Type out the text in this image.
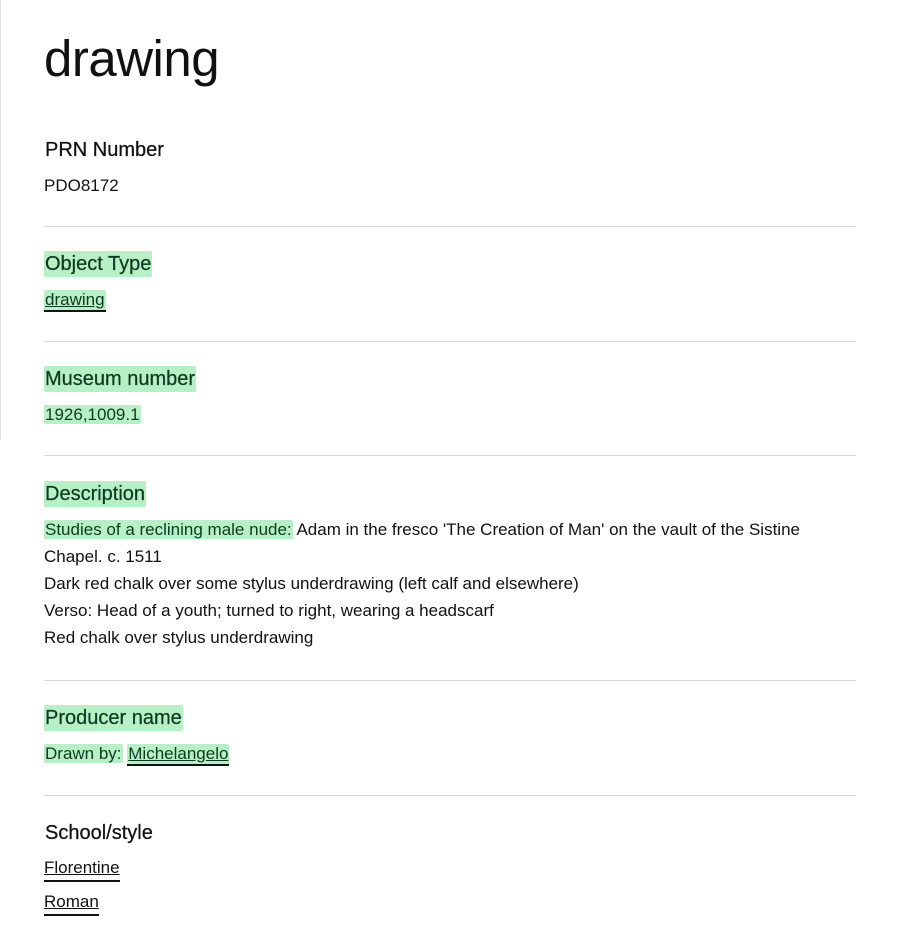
drawing
PRN Number
PDO8172
Object Type
drawing
Museum number
1926,1009.1
Description
Studies of a reclining male nude: Adam in the fresco 'The Creation of Man' on the vault of the Sistine
Chapel. c. 1511
Dark red chalk over some stylus underdrawing (left calf and elsewhere)
Verso: Head of a youth; turned to right, wearing a headscarf
Red chalk over stylus underdrawing
Producer name
Drawn by: Michelangelo
School/style
Florentine
Roman
